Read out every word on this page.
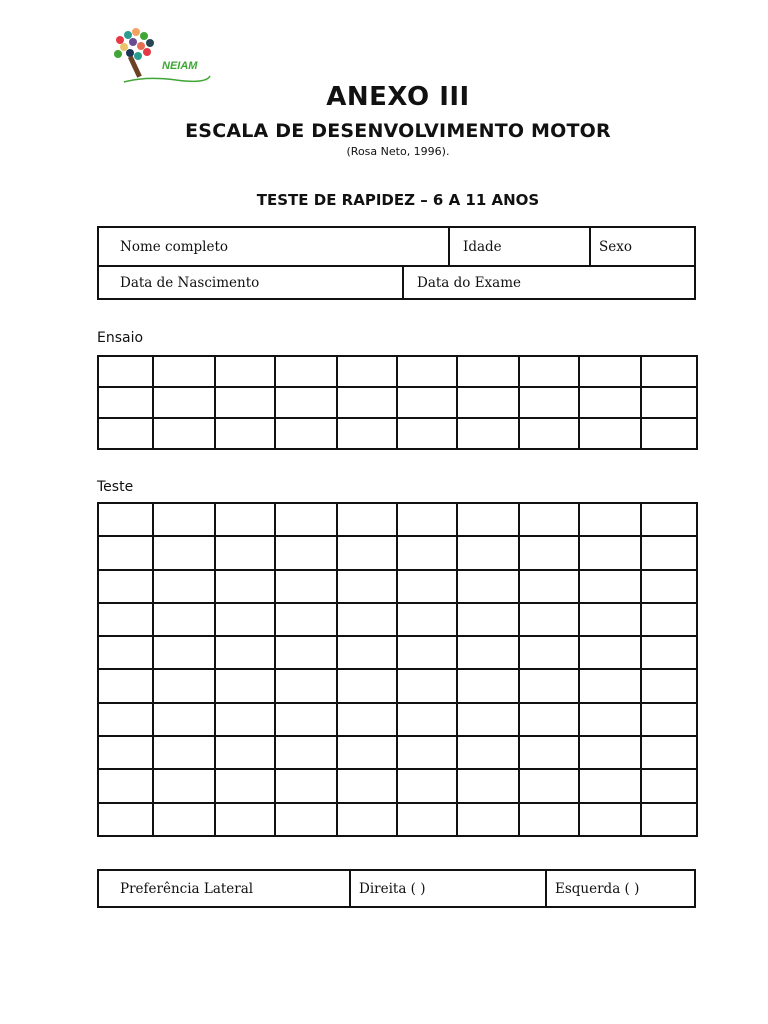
NEIAM
ANEXO III
ESCALA DE DESENVOLVIMENTO MOTOR
(Rosa Neto, 1996).
TESTE DE RAPIDEZ – 6 A 11 ANOS
Nome completo	Idade	Sexo
Data de Nascimento	Data do Exame
Ensaio

Teste

Preferência Lateral	Direita ( )	Esquerda ( )
